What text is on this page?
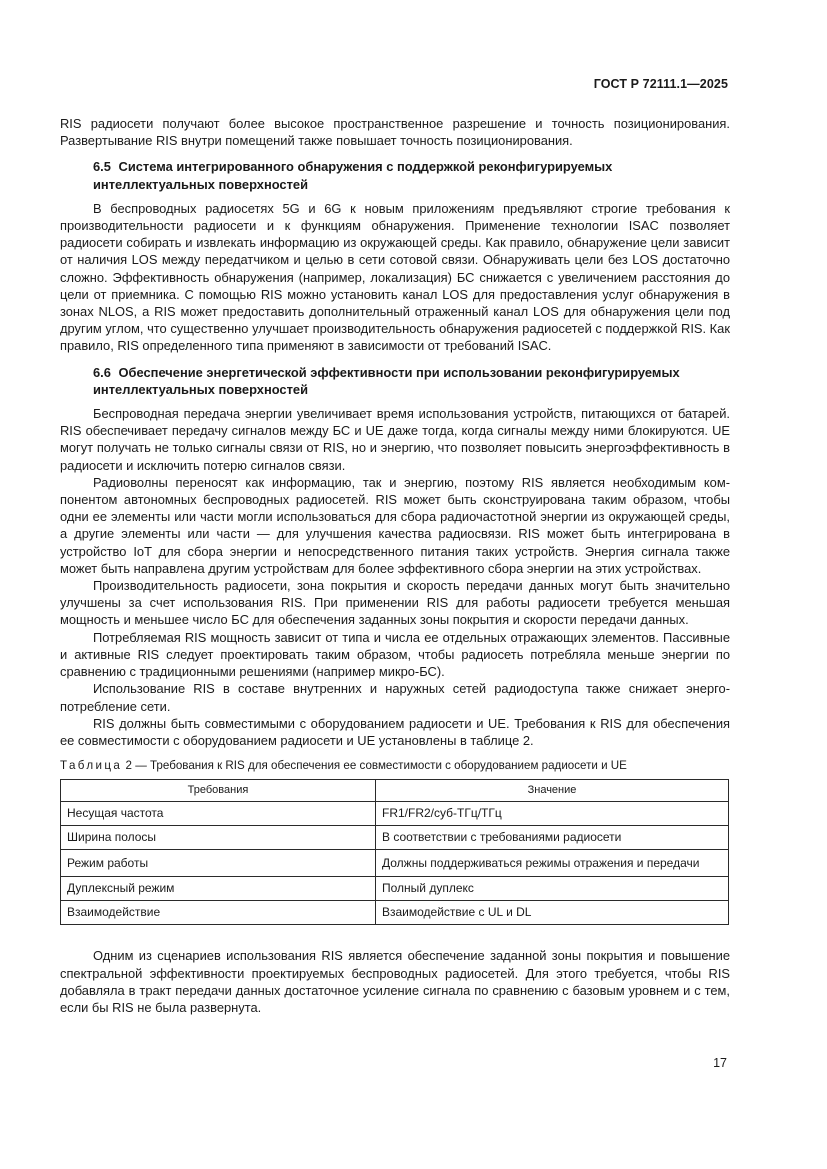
ГОСТ Р 72111.1—2025

RIS радиосети получают более высокое пространственное разрешение и точность позиционирования. Развертывание RIS внутри помещений также повышает точность позиционирования.

6.5 Система интегрированного обнаружения с поддержкой реконфигурируемых интеллектуальных поверхностей

В беспроводных радиосетях 5G и 6G к новым приложениям предъявляют строгие требования к производительности радиосети и к функциям обнаружения. Применение технологии ISAC позволяет радиосети собирать и извлекать информацию из окружающей среды. Как правило, обнаружение цели зависит от наличия LOS между передатчиком и целью в сети сотовой связи. Обнаруживать цели без LOS достаточно сложно. Эффективность обнаружения (например, локализация) БС снижается с увеличением расстояния до цели от приемника. С помощью RIS можно установить канал LOS для предоставления услуг обнаружения в зонах NLOS, а RIS может предоставить дополнительный отраженный канал LOS для обнаружения цели под другим углом, что существенно улучшает производительность обнаружения радиосетей с поддержкой RIS. Как правило, RIS определенного типа применяют в зависимости от требований ISAC.

6.6 Обеспечение энергетической эффективности при использовании реконфигурируемых интеллектуальных поверхностей

Беспроводная передача энергии увеличивает время использования устройств, питающихся от батарей. RIS обеспечивает передачу сигналов между БС и UE даже тогда, когда сигналы между ними блокируются. UE могут получать не только сигналы связи от RIS, но и энергию, что позволяет повысить энергоэффективность в радиосети и исключить потерю сигналов связи.

Радиоволны переносят как информацию, так и энергию, поэтому RIS является необходимым компонентом автономных беспроводных радиосетей. RIS может быть сконструирована таким образом, чтобы одни ее элементы или части могли использоваться для сбора радиочастотной энергии из окружающей среды, а другие элементы или части — для улучшения качества радиосвязи. RIS может быть интегрирована в устройство IoT для сбора энергии и непосредственного питания таких устройств. Энергия сигнала также может быть направлена другим устройствам для более эффективного сбора энергии на этих устройствах.

Производительность радиосети, зона покрытия и скорость передачи данных могут быть значительно улучшены за счет использования RIS. При применении RIS для работы радиосети требуется меньшая мощность и меньшее число БС для обеспечения заданных зоны покрытия и скорости передачи данных.

Потребляемая RIS мощность зависит от типа и числа ее отдельных отражающих элементов. Пассивные и активные RIS следует проектировать таким образом, чтобы радиосеть потребляла меньше энергии по сравнению с традиционными решениями (например микро-БС).

Использование RIS в составе внутренних и наружных сетей радиодоступа также снижает энергопотребление сети.

RIS должны быть совместимыми с оборудованием радиосети и UE. Требования к RIS для обеспечения ее совместимости с оборудованием радиосети и UE установлены в таблице 2.

Таблица 2 — Требования к RIS для обеспечения ее совместимости с оборудованием радиосети и UE

Требования	Значение
Несущая частота	FR1/FR2/суб-ТГц/ТГц
Ширина полосы	В соответствии с требованиями радиосети
Режим работы	Должны поддерживаться режимы отражения и передачи
Дуплексный режим	Полный дуплекс
Взаимодействие	Взаимодействие с UL и DL

Одним из сценариев использования RIS является обеспечение заданной зоны покрытия и повышение спектральной эффективности проектируемых беспроводных радиосетей. Для этого требуется, чтобы RIS добавляла в тракт передачи данных достаточное усиление сигнала по сравнению с базовым уровнем и с тем, если бы RIS не была развернута.

17
